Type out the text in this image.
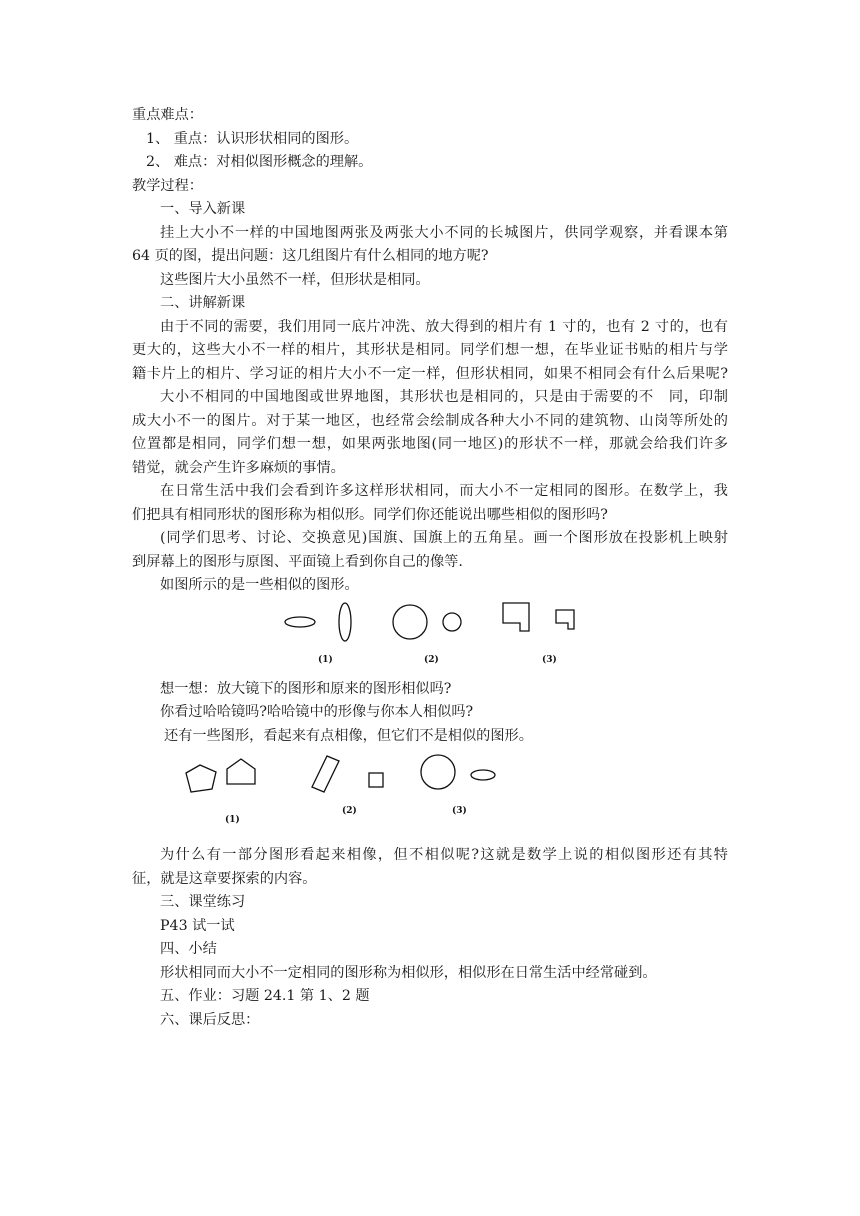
重点难点：

1、 重点：认识形状相同的图形。

2、 难点：对相似图形概念的理解。

教学过程：

一、导入新课

挂上大小不一样的中国地图两张及两张大小不同的长城图片，供同学观察，并看课本第

64 页的图，提出问题：这几组图片有什么相同的地方呢?

这些图片大小虽然不一样，但形状是相同。

二、讲解新课

由于不同的需要，我们用同一底片冲洗、放大得到的相片有 1 寸的，也有 2 寸的，也有

更大的，这些大小不一样的相片，其形状是相同。同学们想一想，在毕业证书贴的相片与学

籍卡片上的相片、学习证的相片大小不一定一样，但形状相同，如果不相同会有什么后果呢?

大小不相同的中国地图或世界地图，其形状也是相同的，只是由于需要的不　同，印制

成大小不一的图片。对于某一地区，也经常会绘制成各种大小不同的建筑物、山岗等所处的

位置都是相同，同学们想一想，如果两张地图(同一地区)的形状不一样，那就会给我们许多

错觉，就会产生许多麻烦的事情。

在日常生活中我们会看到许多这样形状相同，而大小不一定相同的图形。在数学上，我

们把具有相同形状的图形称为相似形。同学们你还能说出哪些相似的图形吗?

(同学们思考、讨论、交换意见)国旗、国旗上的五角星。画一个图形放在投影机上映射

到屏幕上的图形与原图、平面镜上看到你自己的像等.

如图所示的是一些相似的图形。

(1)	(2)	(3)

想一想：放大镜下的图形和原来的图形相似吗?

你看过哈哈镜吗?哈哈镜中的形像与你本人相似吗?

还有一些图形，看起来有点相像，但它们不是相似的图形。

(1)
(2)	(3)

为什么有一部分图形看起来相像，但不相似呢?这就是数学上说的相似图形还有其特

征，就是这章要探索的内容。

三、课堂练习

P43 试一试

四、小结

形状相同而大小不一定相同的图形称为相似形，相似形在日常生活中经常碰到。

五、作业：习题 24.1 第 1、2 题

六、课后反思：
